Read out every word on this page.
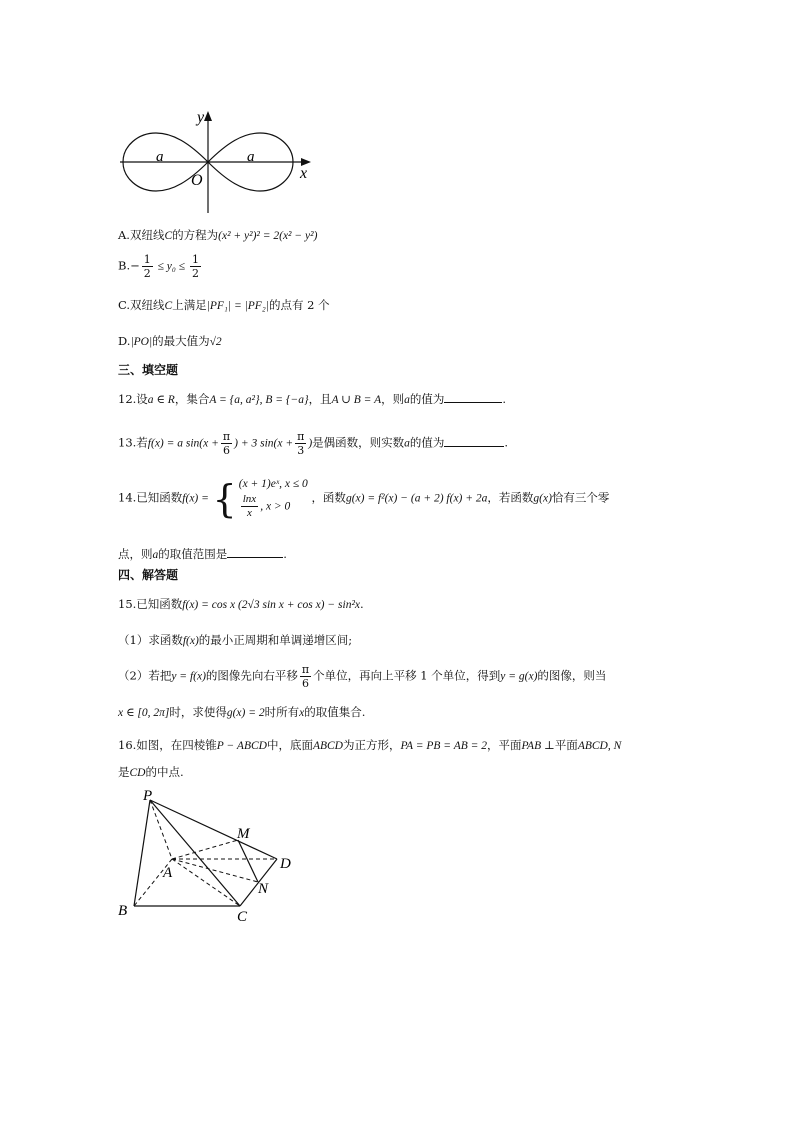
y
x
O
a	a
A.双纽线C的方程为(x² + y²)² = 2(x² − y²)
$B.- \frac{1}{2} \le y_0 \le \frac{1}{2}$
C.双纽线C上满足|PF₁| = |PF₂|的点有 2 个
D.|PO|的最大值为√2
三、填空题
12.设a ∈ R，集合A = {a, a²}, B = {−a}，且A ∪ B = A，则a的值为	.
13.若f(x) = a $\sin(x + \frac{\pi}{6}$ ) + 3 $\sin(x + \frac{\pi}{3}$ )是偶函数，则实数a的值为	.
14.已知函数f(x) = { (x + 1)eˣ, x ≤ 0
$\frac{\ln x}{x}$ , x > 0
，函数g(x) = f²(x) − (a + 2) f(x) + 2a，若函数g(x)恰有三个零
点，则a的取值范围是	.
四、解答题
15.已知函数f(x) = cos x (2√3 sin x + cos x) − sin²x.
（1）求函数f(x)的最小正周期和单调递增区间;
（2）若把y = f(x)的图像先向右平移 $\frac{\pi}{6}$ 个单位，再向上平移 1 个单位，得到y = g(x)的图像，则当
x ∈ [0, 2π]时，求使得g(x) = 2时所有x的取值集合.
16.如图，在四棱锥P − ABCD中，底面ABCD为正方形，PA = PB = AB = 2，平面PAB ⊥平面ABCD, N
是CD的中点.
P
M
A
D
N
B	C
